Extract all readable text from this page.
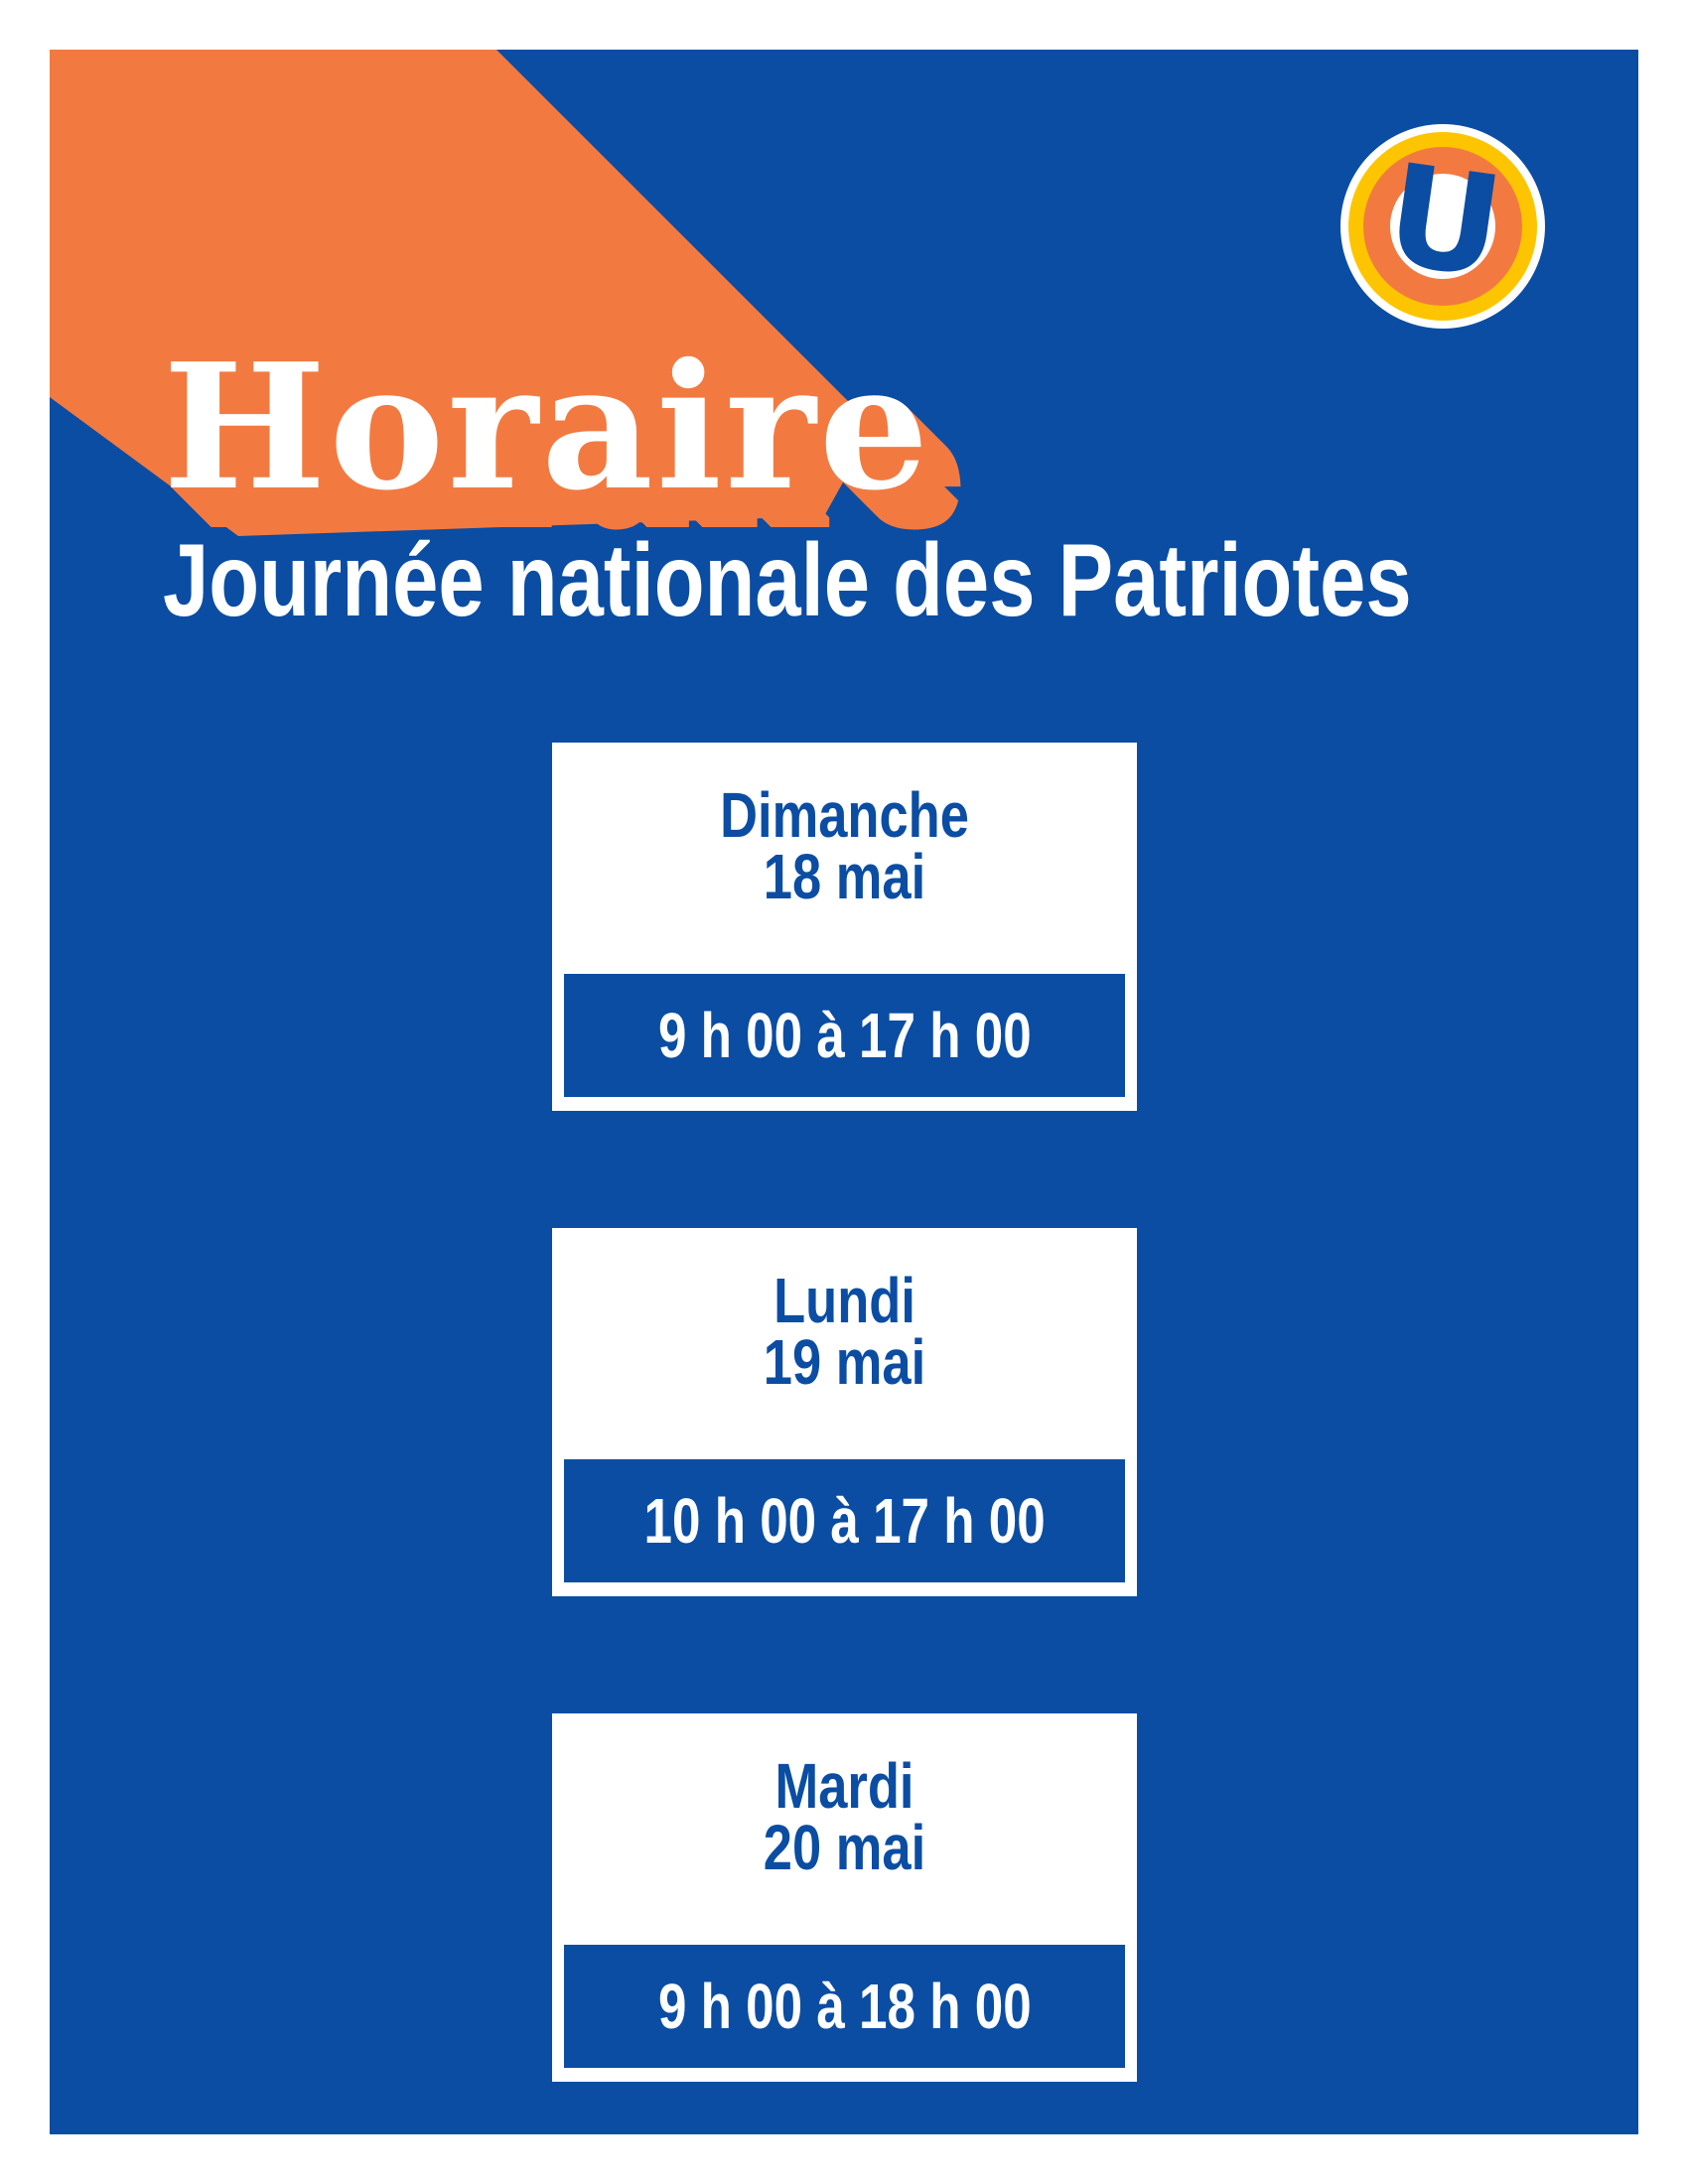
Horaire
Journée nationale des Patriotes
U
Dimanche
18 mai
9 h 00 à 17 h 00
Lundi
19 mai
10 h 00 à 17 h 00
Mardi
20 mai
9 h 00 à 18 h 00
